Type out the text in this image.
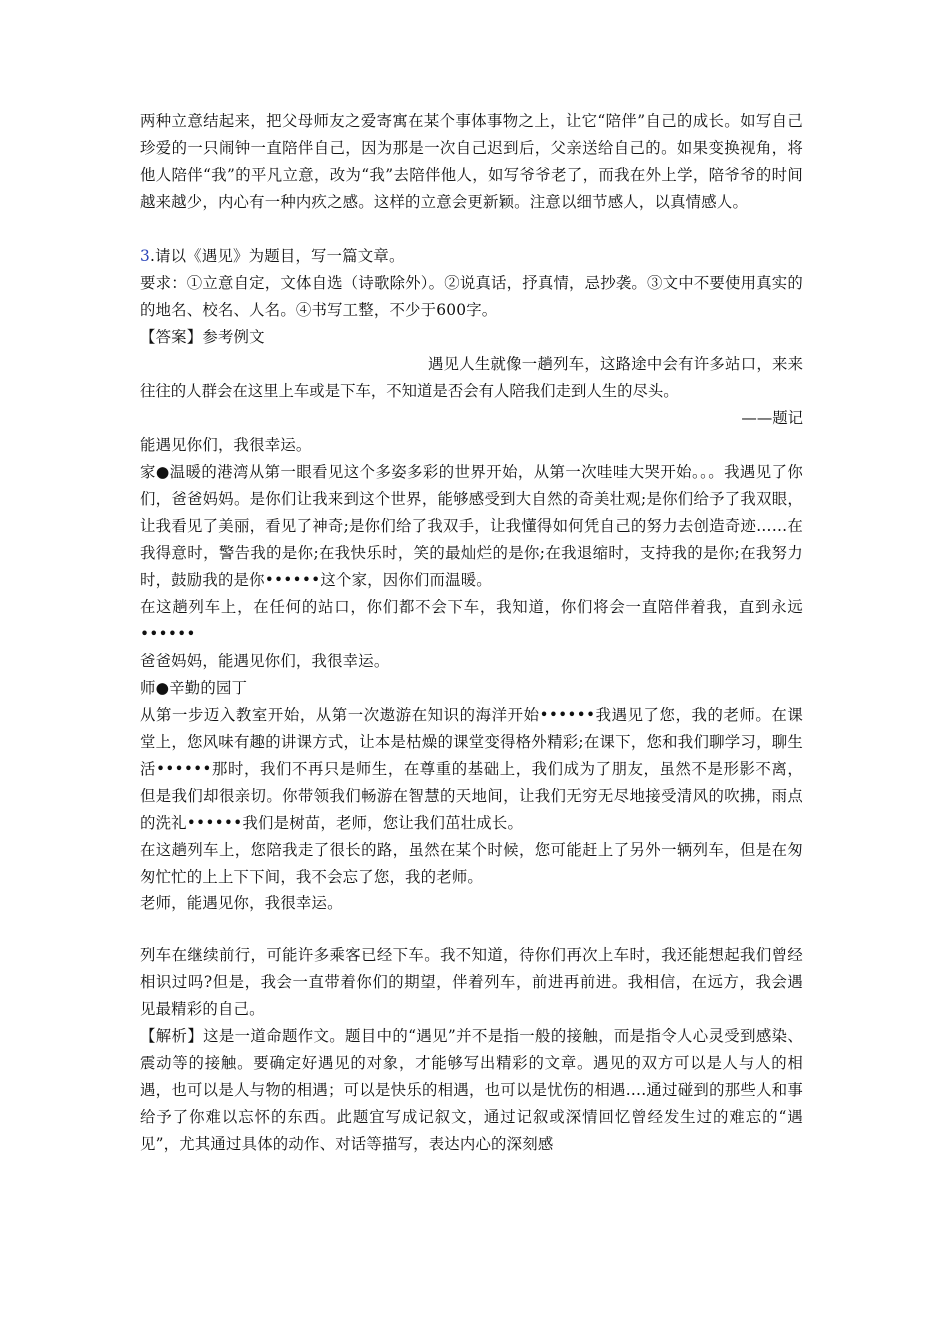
两种立意结起来，把父母师友之爱寄寓在某个事体事物之上，让它“陪伴”自己的成长。如写自己珍爱的一只闹钟一直陪伴自己，因为那是一次自己迟到后，父亲送给自己的。如果变换视角，将他人陪伴“我”的平凡立意，改为“我”去陪伴他人，如写爷爷老了，而我在外上学，陪爷爷的时间越来越少，内心有一种内疚之感。这样的立意会更新颖。注意以细节感人，以真情感人。

3.请以《遇见》为题目，写一篇文章。

要求：①立意自定，文体自选（诗歌除外）。②说真话，抒真情，忌抄袭。③文中不要使用真实的的地名、校名、人名。④书写工整，不少于600字。

【答案】参考例文

遇见人生就像一趟列车，这路途中会有许多站口，来来往往的人群会在这里上车或是下车，不知道是否会有人陪我们走到人生的尽头。

——题记

能遇见你们，我很幸运。

家●温暖的港湾从第一眼看见这个多姿多彩的世界开始，从第一次哇哇大哭开始。。。我遇见了你们，爸爸妈妈。是你们让我来到这个世界，能够感受到大自然的奇美壮观;是你们给予了我双眼，让我看见了美丽，看见了神奇;是你们给了我双手，让我懂得如何凭自己的努力去创造奇迹……在我得意时，警告我的是你;在我快乐时，笑的最灿烂的是你;在我退缩时，支持我的是你;在我努力时，鼓励我的是你••••••这个家，因你们而温暖。

在这趟列车上，在任何的站口，你们都不会下车，我知道，你们将会一直陪伴着我，直到永远••••••

爸爸妈妈，能遇见你们，我很幸运。

师●辛勤的园丁

从第一步迈入教室开始，从第一次遨游在知识的海洋开始••••••我遇见了您，我的老师。在课堂上，您风味有趣的讲课方式，让本是枯燥的课堂变得格外精彩;在课下，您和我们聊学习，聊生活••••••那时，我们不再只是师生，在尊重的基础上，我们成为了朋友，虽然不是形影不离，但是我们却很亲切。你带领我们畅游在智慧的天地间，让我们无穷无尽地接受清风的吹拂，雨点的洗礼••••••我们是树苗，老师，您让我们茁壮成长。

在这趟列车上，您陪我走了很长的路，虽然在某个时候，您可能赶上了另外一辆列车，但是在匆匆忙忙的上上下下间，我不会忘了您，我的老师。

老师，能遇见你，我很幸运。

列车在继续前行，可能许多乘客已经下车。我不知道，待你们再次上车时，我还能想起我们曾经相识过吗?但是，我会一直带着你们的期望，伴着列车，前进再前进。我相信，在远方，我会遇见最精彩的自己。

【解析】这是一道命题作文。题目中的“遇见”并不是指一般的接触，而是指令人心灵受到感染、震动等的接触。要确定好遇见的对象，才能够写出精彩的文章。遇见的双方可以是人与人的相遇，也可以是人与物的相遇；可以是快乐的相遇，也可以是忧伤的相遇….通过碰到的那些人和事给予了你难以忘怀的东西。此题宜写成记叙文，通过记叙或深情回忆曾经发生过的难忘的“遇见”，尤其通过具体的动作、对话等描写，表达内心的深刻感
